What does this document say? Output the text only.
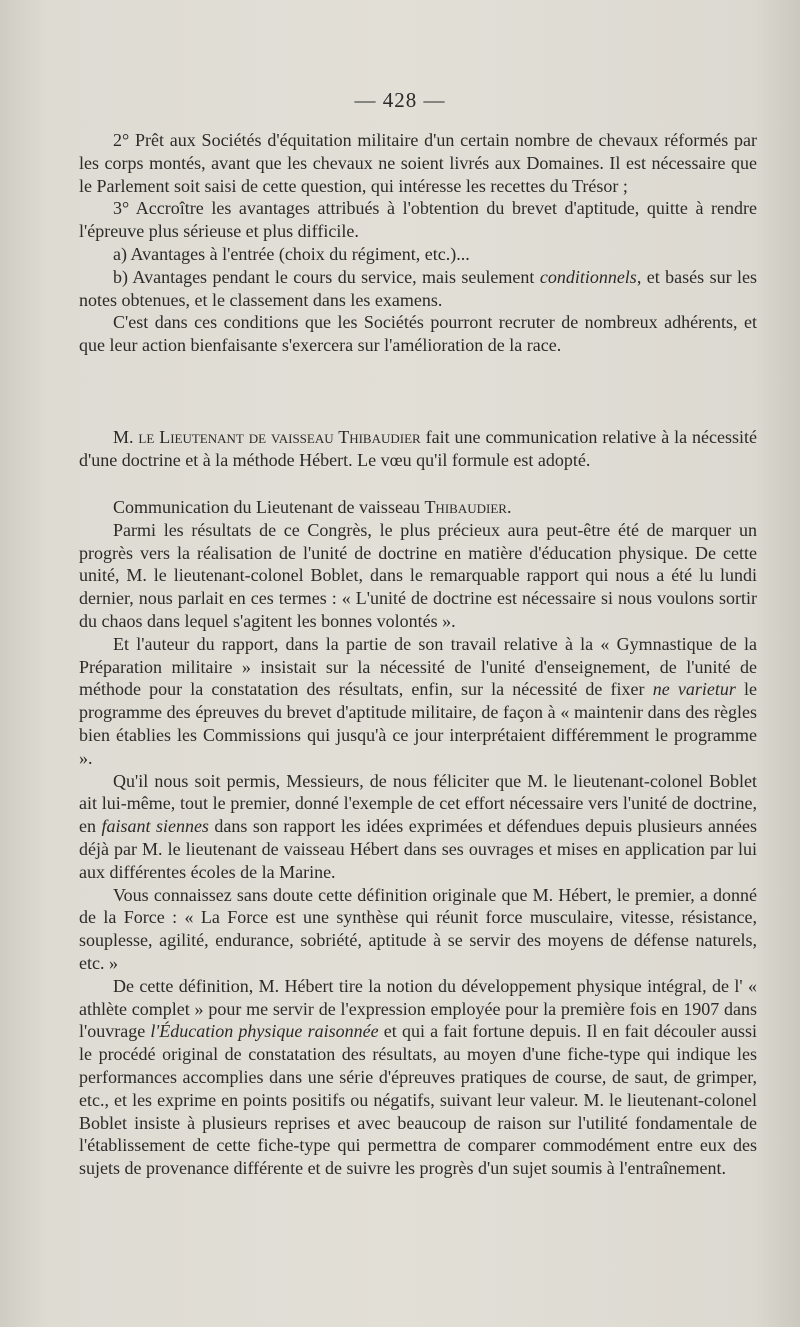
— 428 —

2° Prêt aux Sociétés d'équitation militaire d'un certain nombre de chevaux réformés par les corps montés, avant que les chevaux ne soient livrés aux Domaines. Il est nécessaire que le Parlement soit saisi de cette question, qui intéresse les recettes du Trésor ;

3° Accroître les avantages attribués à l'obtention du brevet d'aptitude, quitte à rendre l'épreuve plus sérieuse et plus difficile.

a) Avantages à l'entrée (choix du régiment, etc.)...

b) Avantages pendant le cours du service, mais seulement conditionnels, et basés sur les notes obtenues, et le classement dans les examens.

C'est dans ces conditions que les Sociétés pourront recruter de nombreux adhérents, et que leur action bienfaisante s'exercera sur l'amélioration de la race.

M. le Lieutenant de vaisseau Thibaudier fait une communication relative à la nécessité d'une doctrine et à la méthode Hébert. Le vœu qu'il formule est adopté.

Communication du Lieutenant de vaisseau Thibaudier.

Parmi les résultats de ce Congrès, le plus précieux aura peut-être été de marquer un progrès vers la réalisation de l'unité de doctrine en matière d'éducation physique. De cette unité, M. le lieutenant-colonel Boblet, dans le remarquable rapport qui nous a été lu lundi dernier, nous parlait en ces termes : « L'unité de doctrine est nécessaire si nous voulons sortir du chaos dans lequel s'agitent les bonnes volontés ».

Et l'auteur du rapport, dans la partie de son travail relative à la « Gymnastique de la Préparation militaire » insistait sur la nécessité de l'unité d'enseignement, de l'unité de méthode pour la constatation des résultats, enfin, sur la nécessité de fixer ne varietur le programme des épreuves du brevet d'aptitude militaire, de façon à « maintenir dans des règles bien établies les Commissions qui jusqu'à ce jour interprétaient différemment le programme ».

Qu'il nous soit permis, Messieurs, de nous féliciter que M. le lieutenant-colonel Boblet ait lui-même, tout le premier, donné l'exemple de cet effort nécessaire vers l'unité de doctrine, en faisant siennes dans son rapport les idées exprimées et défendues depuis plusieurs années déjà par M. le lieutenant de vaisseau Hébert dans ses ouvrages et mises en application par lui aux différentes écoles de la Marine.

Vous connaissez sans doute cette définition originale que M. Hébert, le premier, a donné de la Force : « La Force est une synthèse qui réunit force musculaire, vitesse, résistance, souplesse, agilité, endurance, sobriété, aptitude à se servir des moyens de défense naturels, etc. »

De cette définition, M. Hébert tire la notion du développement physique intégral, de l' « athlète complet » pour me servir de l'expression employée pour la première fois en 1907 dans l'ouvrage l'Éducation physique raisonnée et qui a fait fortune depuis. Il en fait découler aussi le procédé original de constatation des résultats, au moyen d'une fiche-type qui indique les performances accomplies dans une série d'épreuves pratiques de course, de saut, de grimper, etc., et les exprime en points positifs ou négatifs, suivant leur valeur. M. le lieutenant-colonel Boblet insiste à plusieurs reprises et avec beaucoup de raison sur l'utilité fondamentale de l'établissement de cette fiche-type qui permettra de comparer commodément entre eux des sujets de provenance différente et de suivre les progrès d'un sujet soumis à l'entraînement.
